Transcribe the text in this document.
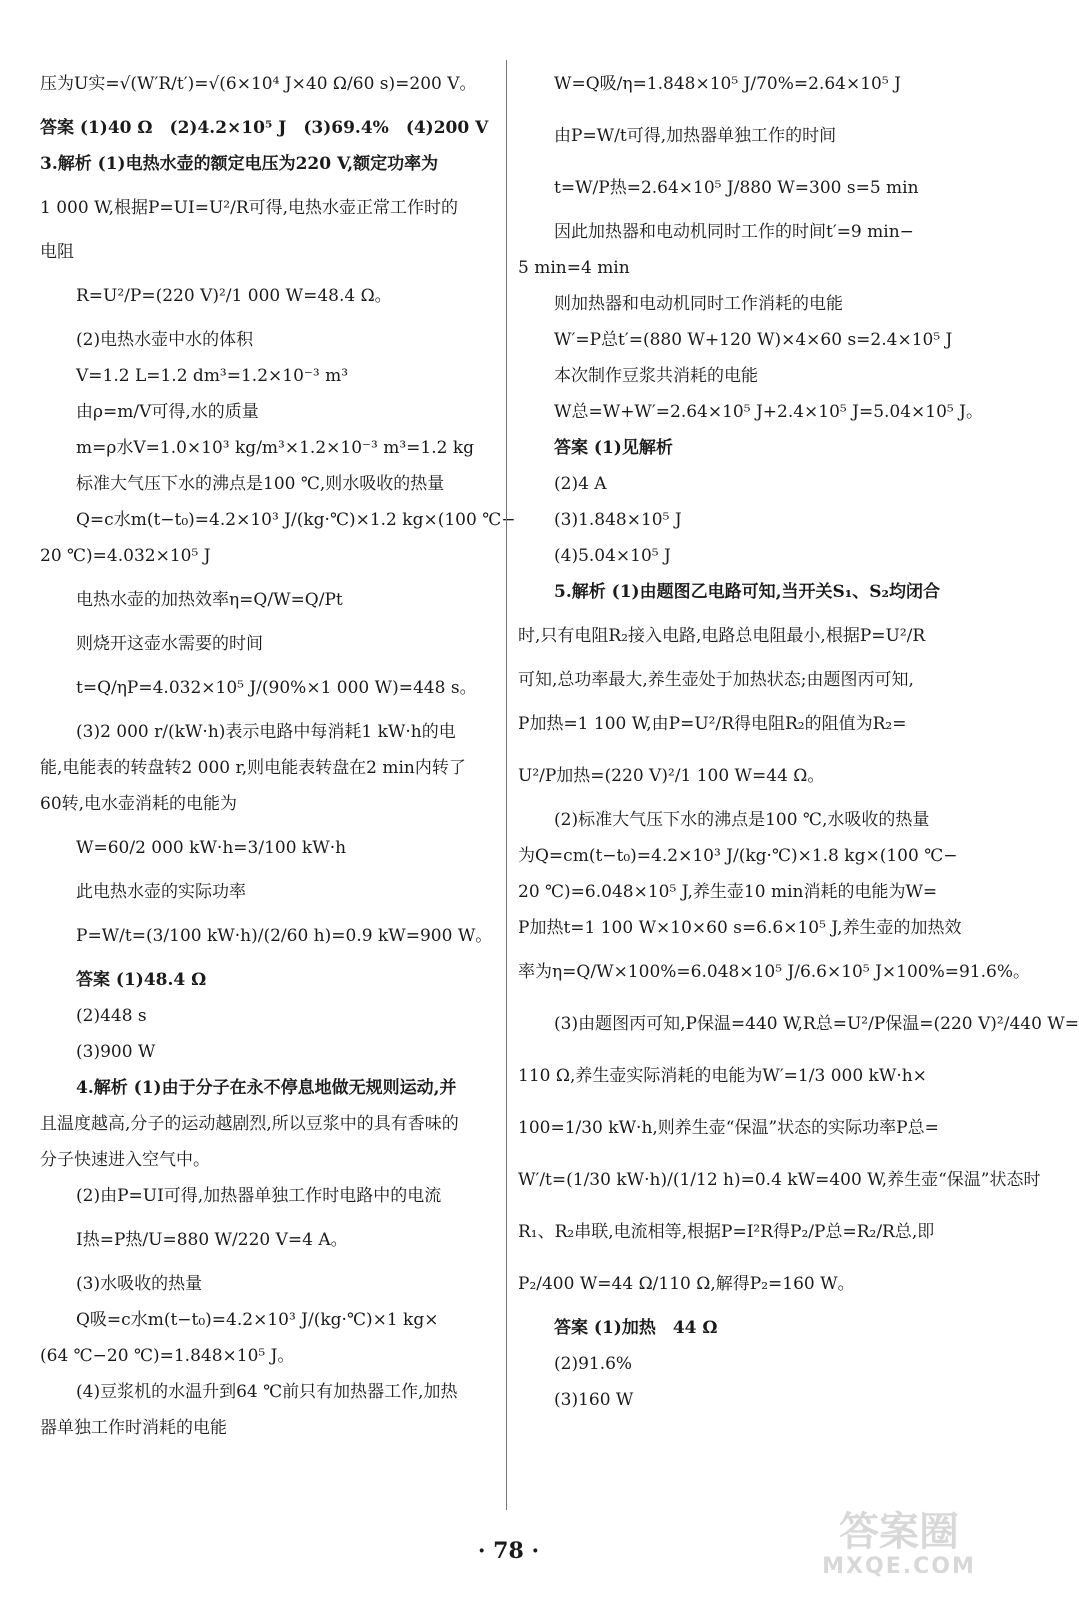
压为U实=√(W′R/t′)=√(6×10⁴ J×40 Ω/60 s)=200 V。
答案 (1)40 Ω　(2)4.2×10⁵ J　(3)69.4%　(4)200 V
3.解析 (1)电热水壶的额定电压为220 V,额定功率为
1 000 W,根据P=UI=U²/R可得,电热水壶正常工作时的
电阻
R=U²/P=(220 V)²/1 000 W=48.4 Ω。
(2)电热水壶中水的体积
V=1.2 L=1.2 dm³=1.2×10⁻³ m³
由ρ=m/V可得,水的质量
m=ρ水V=1.0×10³ kg/m³×1.2×10⁻³ m³=1.2 kg
标准大气压下水的沸点是100 ℃,则水吸收的热量
Q=c水m(t−t₀)=4.2×10³ J/(kg·℃)×1.2 kg×(100 ℃−
20 ℃)=4.032×10⁵ J
电热水壶的加热效率η=Q/W=Q/Pt
则烧开这壶水需要的时间
t=Q/ηP=4.032×10⁵ J/(90%×1 000 W)=448 s。
(3)2 000 r/(kW·h)表示电路中每消耗1 kW·h的电
能,电能表的转盘转2 000 r,则电能表转盘在2 min内转了
60转,电水壶消耗的电能为
W=60/2 000 kW·h=3/100 kW·h
此电热水壶的实际功率
P=W/t=(3/100 kW·h)/(2/60 h)=0.9 kW=900 W。
答案 (1)48.4 Ω
(2)448 s
(3)900 W
4.解析 (1)由于分子在永不停息地做无规则运动,并
且温度越高,分子的运动越剧烈,所以豆浆中的具有香味的
分子快速进入空气中。
(2)由P=UI可得,加热器单独工作时电路中的电流
I热=P热/U=880 W/220 V=4 A。
(3)水吸收的热量
Q吸=c水m(t−t₀)=4.2×10³ J/(kg·℃)×1 kg×
(64 ℃−20 ℃)=1.848×10⁵ J。
(4)豆浆机的水温升到64 ℃前只有加热器工作,加热
器单独工作时消耗的电能
W=Q吸/η=1.848×10⁵ J/70%=2.64×10⁵ J
由P=W/t可得,加热器单独工作的时间
t=W/P热=2.64×10⁵ J/880 W=300 s=5 min
因此加热器和电动机同时工作的时间t′=9 min−
5 min=4 min
则加热器和电动机同时工作消耗的电能
W′=P总t′=(880 W+120 W)×4×60 s=2.4×10⁵ J
本次制作豆浆共消耗的电能
W总=W+W′=2.64×10⁵ J+2.4×10⁵ J=5.04×10⁵ J。
答案 (1)见解析
(2)4 A
(3)1.848×10⁵ J
(4)5.04×10⁵ J
5.解析 (1)由题图乙电路可知,当开关S₁、S₂均闭合
时,只有电阻R₂接入电路,电路总电阻最小,根据P=U²/R
可知,总功率最大,养生壶处于加热状态;由题图丙可知,
P加热=1 100 W,由P=U²/R得电阻R₂的阻值为R₂=
U²/P加热=(220 V)²/1 100 W=44 Ω。
(2)标准大气压下水的沸点是100 ℃,水吸收的热量
为Q=cm(t−t₀)=4.2×10³ J/(kg·℃)×1.8 kg×(100 ℃−
20 ℃)=6.048×10⁵ J,养生壶10 min消耗的电能为W=
P加热t=1 100 W×10×60 s=6.6×10⁵ J,养生壶的加热效
率为η=Q/W×100%=6.048×10⁵ J/6.6×10⁵ J×100%=91.6%。
(3)由题图丙可知,P保温=440 W,R总=U²/P保温=(220 V)²/440 W=
110 Ω,养生壶实际消耗的电能为W′=1/3 000 kW·h×
100=1/30 kW·h,则养生壶“保温”状态的实际功率P总=
W′/t=(1/30 kW·h)/(1/12 h)=0.4 kW=400 W,养生壶“保温”状态时
R₁、R₂串联,电流相等,根据P=I²R得P₂/P总=R₂/R总,即
P₂/400 W=44 Ω/110 Ω,解得P₂=160 W。
答案 (1)加热　44 Ω
(2)91.6%
(3)160 W
· 78 ·	答案圈
MXQE.COM
